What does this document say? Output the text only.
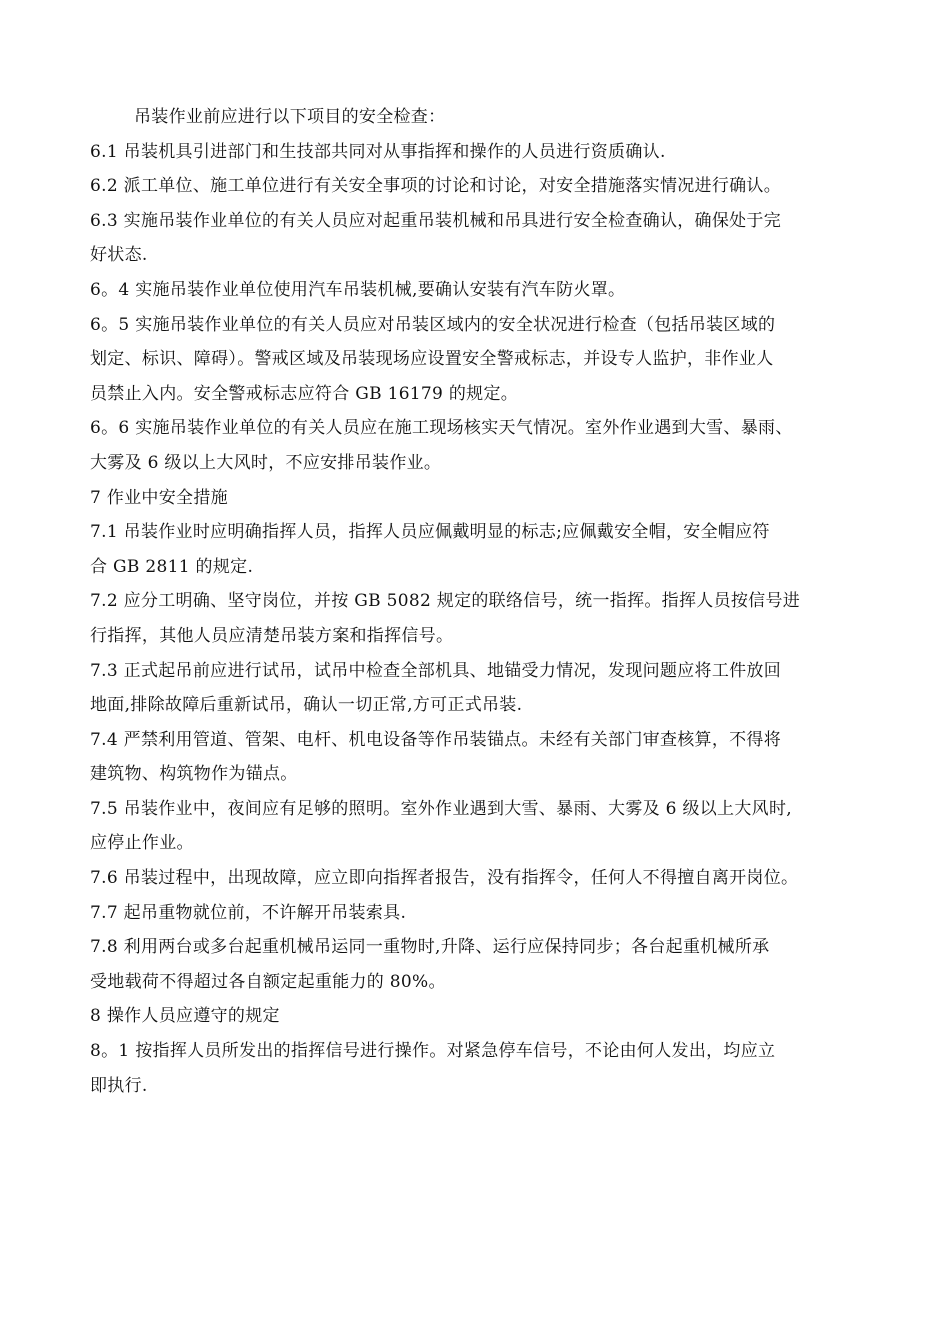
吊装作业前应进行以下项目的安全检查：
6.1 吊装机具引进部门和生技部共同对从事指挥和操作的人员进行资质确认.
6.2 派工单位、施工单位进行有关安全事项的讨论和讨论，对安全措施落实情况进行确认。
6.3 实施吊装作业单位的有关人员应对起重吊装机械和吊具进行安全检查确认，确保处于完
好状态.
6。4 实施吊装作业单位使用汽车吊装机械,要确认安装有汽车防火罩。
6。5 实施吊装作业单位的有关人员应对吊装区域内的安全状况进行检查（包括吊装区域的
划定、标识、障碍）。警戒区域及吊装现场应设置安全警戒标志，并设专人监护，非作业人
员禁止入内。安全警戒标志应符合 GB 16179 的规定。
6。6 实施吊装作业单位的有关人员应在施工现场核实天气情况。室外作业遇到大雪、暴雨、
大雾及 6 级以上大风时，不应安排吊装作业。
7 作业中安全措施
7.1 吊装作业时应明确指挥人员，指挥人员应佩戴明显的标志;应佩戴安全帽，安全帽应符
合 GB 2811 的规定.
7.2 应分工明确、坚守岗位，并按 GB 5082 规定的联络信号，统一指挥。指挥人员按信号进
行指挥，其他人员应清楚吊装方案和指挥信号。
7.3 正式起吊前应进行试吊，试吊中检查全部机具、地锚受力情况，发现问题应将工件放回
地面,排除故障后重新试吊，确认一切正常,方可正式吊装.
7.4 严禁利用管道、管架、电杆、机电设备等作吊装锚点。未经有关部门审查核算，不得将
建筑物、构筑物作为锚点。
7.5 吊装作业中，夜间应有足够的照明。室外作业遇到大雪、暴雨、大雾及 6 级以上大风时,
应停止作业。
7.6 吊装过程中，出现故障，应立即向指挥者报告，没有指挥令，任何人不得擅自离开岗位。
7.7 起吊重物就位前，不许解开吊装索具.
7.8 利用两台或多台起重机械吊运同一重物时,升降、运行应保持同步；各台起重机械所承
受地载荷不得超过各自额定起重能力的 80%。
8 操作人员应遵守的规定
8。1 按指挥人员所发出的指挥信号进行操作。对紧急停车信号，不论由何人发出，均应立
即执行.
